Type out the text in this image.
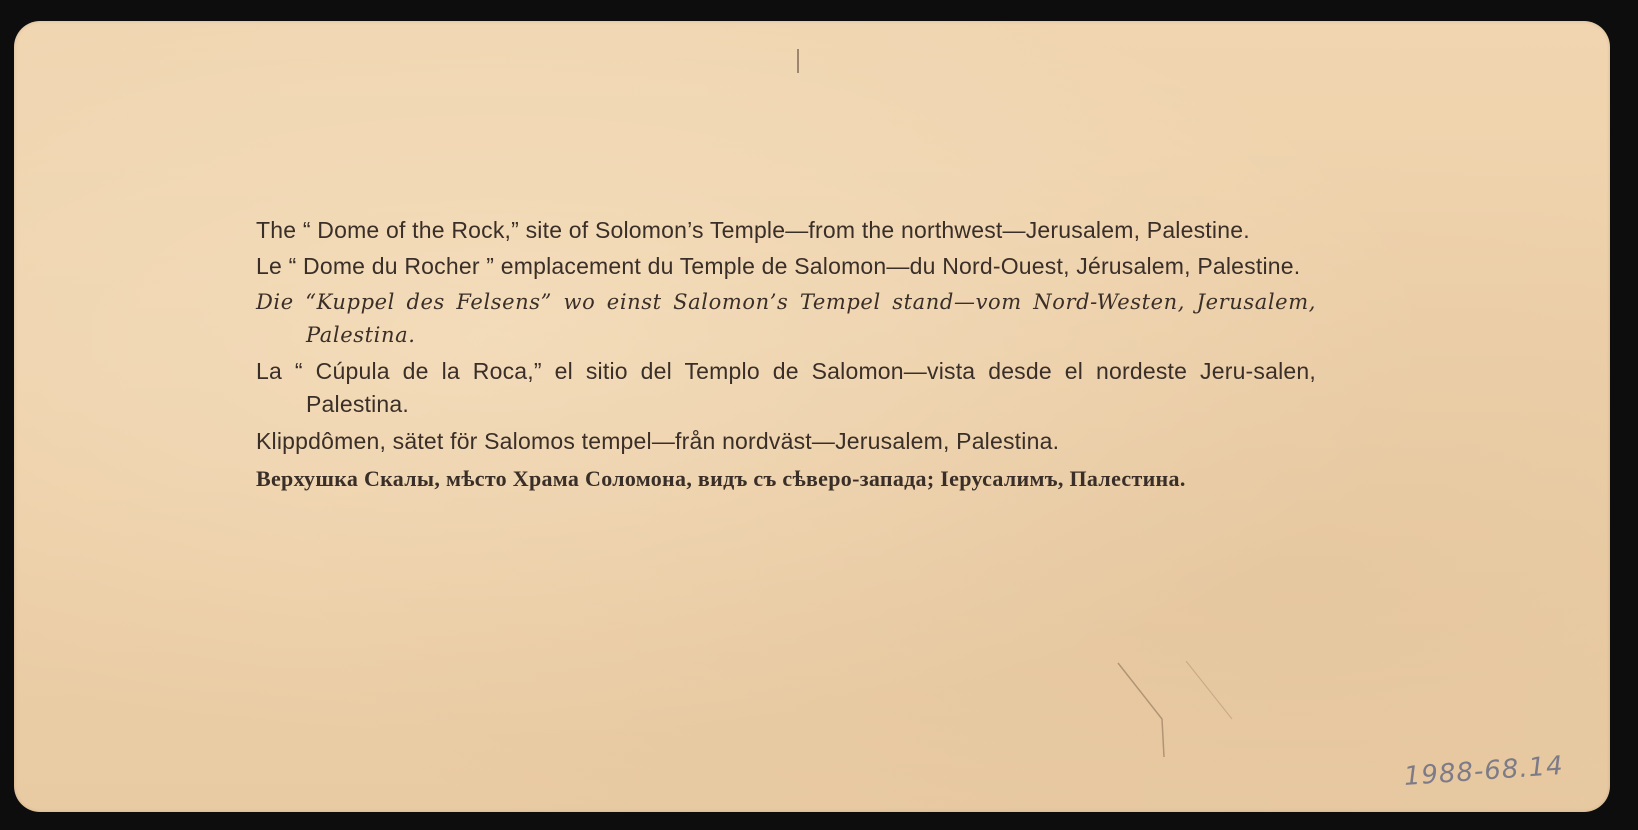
The “ Dome of the Rock,” site of Solomon’s Temple—from the northwest—Jerusalem, Palestine.
Le “ Dome du Rocher ” emplacement du Temple de Salomon—du Nord-Ouest, Jérusalem, Palestine.
Die “Kuppel des Felsens” wo einst Salomon’s Tempel stand—vom Nord-Westen, Jerusalem, Palestina.
La “ Cúpula de la Roca,” el sitio del Templo de Salomon—vista desde el nordeste Jeru-salen, Palestina.
Klippdômen, sätet för Salomos tempel—från nordväst—Jerusalem, Palestina.
Верхушка Скалы, мѣсто Храма Соломона, видъ съ сѣверо-запада; Іерусалимъ, Палестина.
1988-68.14
